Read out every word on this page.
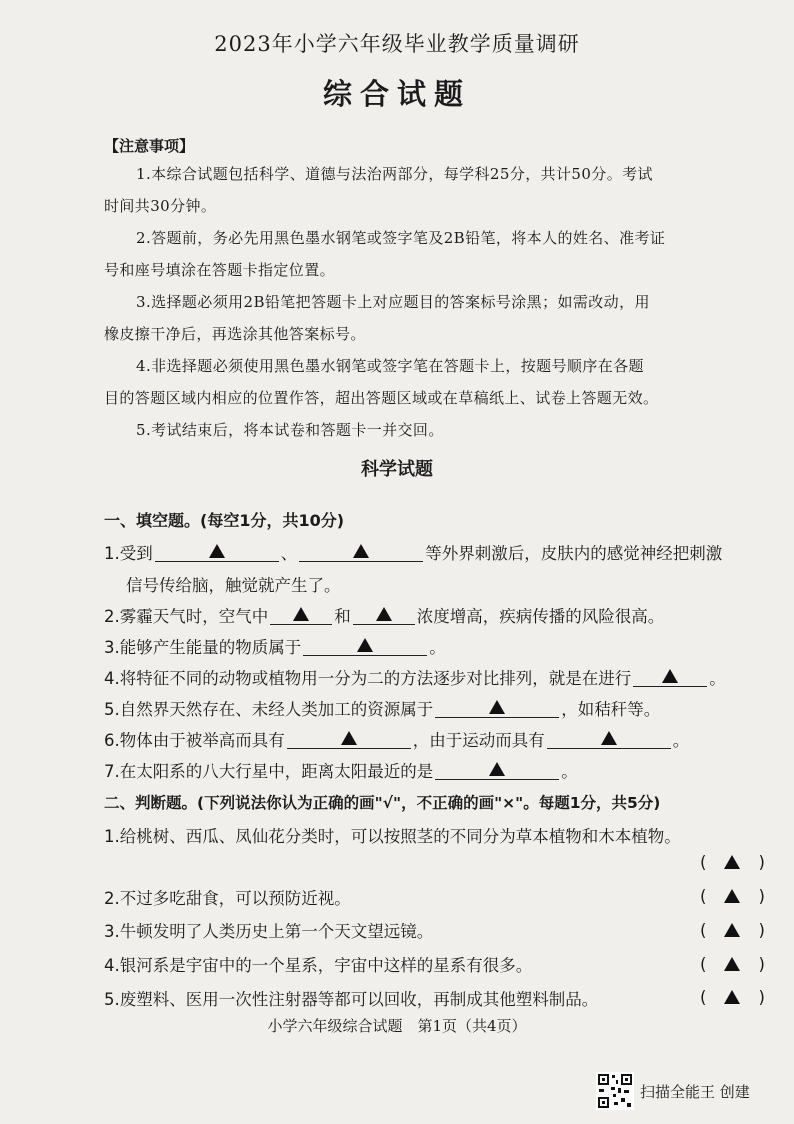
2023年小学六年级毕业教学质量调研
综合试题
【注意事项】
1.本综合试题包括科学、道德与法治两部分，每学科25分，共计50分。考试
时间共30分钟。
2.答题前，务必先用黑色墨水钢笔或签字笔及2B铅笔，将本人的姓名、准考证
号和座号填涂在答题卡指定位置。
3.选择题必须用2B铅笔把答题卡上对应题目的答案标号涂黑；如需改动，用
橡皮擦干净后，再选涂其他答案标号。
4.非选择题必须使用黑色墨水钢笔或签字笔在答题卡上，按题号顺序在各题
目的答题区域内相应的位置作答，超出答题区域或在草稿纸上、试卷上答题无效。
5.考试结束后，将本试卷和答题卡一并交回。
科学试题
一、填空题。(每空1分，共10分)
1.受到	、	等外界刺激后，皮肤内的感觉神经把刺激
信号传给脑，触觉就产生了。
2.雾霾天气时，空气中	和	浓度增高，疾病传播的风险很高。
3.能够产生能量的物质属于	。
4.将特征不同的动物或植物用一分为二的方法逐步对比排列，就是在进行	。
5.自然界天然存在、未经人类加工的资源属于	，如秸秆等。
6.物体由于被举高而具有	，由于运动而具有	。
7.在太阳系的八大行星中，距离太阳最近的是	。
二、判断题。(下列说法你认为正确的画"√"，不正确的画"×"。每题1分，共5分)
1.给桃树、西瓜、凤仙花分类时，可以按照茎的不同分为草本植物和木本植物。
(	)
2.不过多吃甜食，可以预防近视。	(	)
3.牛顿发明了人类历史上第一个天文望远镜。	(	)
4.银河系是宇宙中的一个星系，宇宙中这样的星系有很多。	(	)
5.废塑料、医用一次性注射器等都可以回收，再制成其他塑料制品。	(	)
小学六年级综合试题　第1页（共4页）
扫描全能王 创建
